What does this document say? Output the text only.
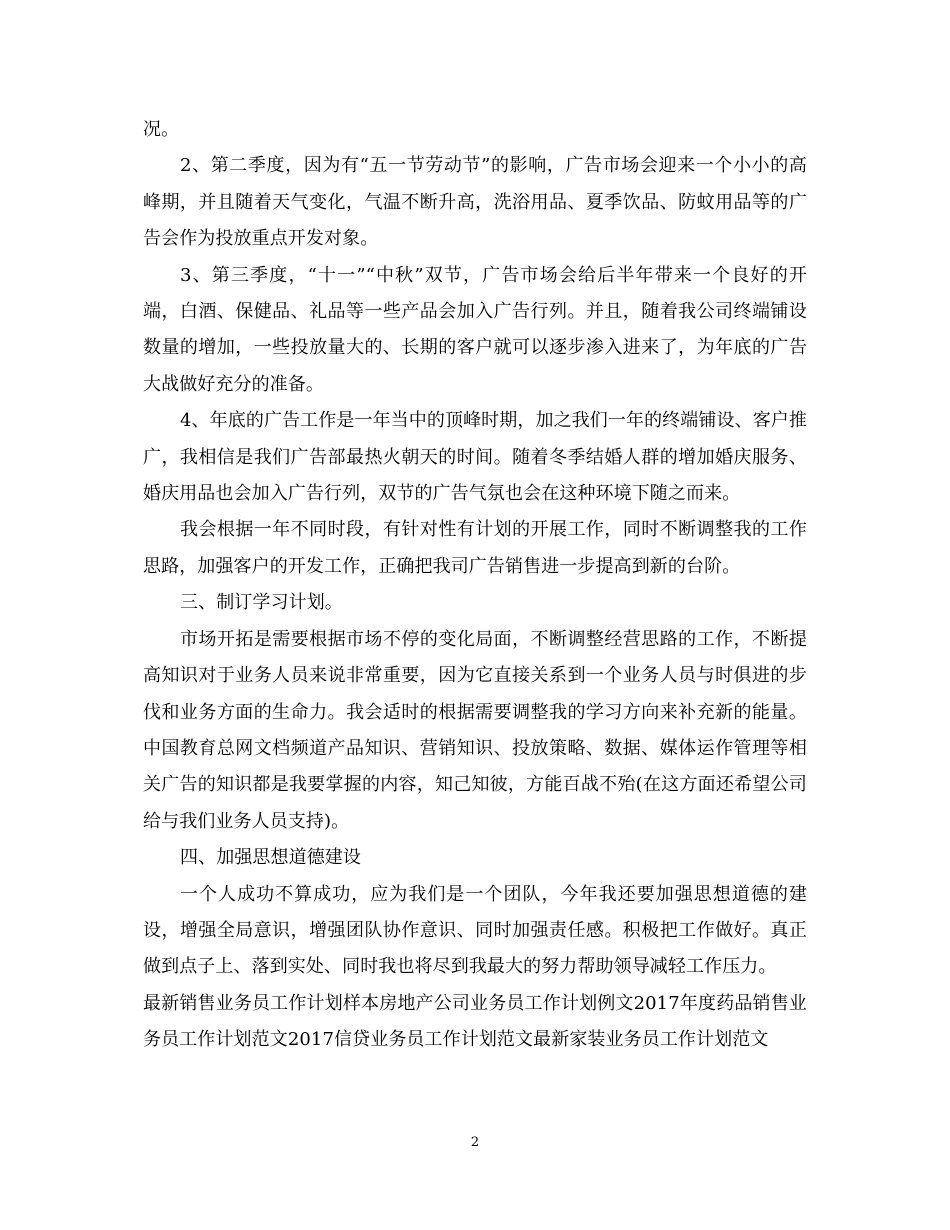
况。

2、第二季度，因为有“五一节劳动节”的影响，广告市场会迎来一个小小的高峰期，并且随着天气变化，气温不断升高，洗浴用品、夏季饮品、防蚊用品等的广告会作为投放重点开发对象。

3、第三季度，“十一”“中秋”双节，广告市场会给后半年带来一个良好的开端，白酒、保健品、礼品等一些产品会加入广告行列。并且，随着我公司终端铺设数量的增加，一些投放量大的、长期的客户就可以逐步渗入进来了，为年底的广告大战做好充分的准备。

4、年底的广告工作是一年当中的顶峰时期，加之我们一年的终端铺设、客户推广，我相信是我们广告部最热火朝天的时间。随着冬季结婚人群的增加婚庆服务、婚庆用品也会加入广告行列，双节的广告气氛也会在这种环境下随之而来。

我会根据一年不同时段，有针对性有计划的开展工作，同时不断调整我的工作思路，加强客户的开发工作，正确把我司广告销售进一步提高到新的台阶。

三、制订学习计划。

市场开拓是需要根据市场不停的变化局面，不断调整经营思路的工作，不断提高知识对于业务人员来说非常重要，因为它直接关系到一个业务人员与时俱进的步伐和业务方面的生命力。我会适时的根据需要调整我的学习方向来补充新的能量。中国教育总网文档频道产品知识、营销知识、投放策略、数据、媒体运作管理等相关广告的知识都是我要掌握的内容，知己知彼，方能百战不殆(在这方面还希望公司给与我们业务人员支持)。

四、加强思想道德建设

一个人成功不算成功，应为我们是一个团队，今年我还要加强思想道德的建设，增强全局意识，增强团队协作意识、同时加强责任感。积极把工作做好。真正做到点子上、落到实处、同时我也将尽到我最大的努力帮助领导减轻工作压力。

最新销售业务员工作计划样本房地产公司业务员工作计划例文2017年度药品销售业务员工作计划范文2017信贷业务员工作计划范文最新家装业务员工作计划范文

2
